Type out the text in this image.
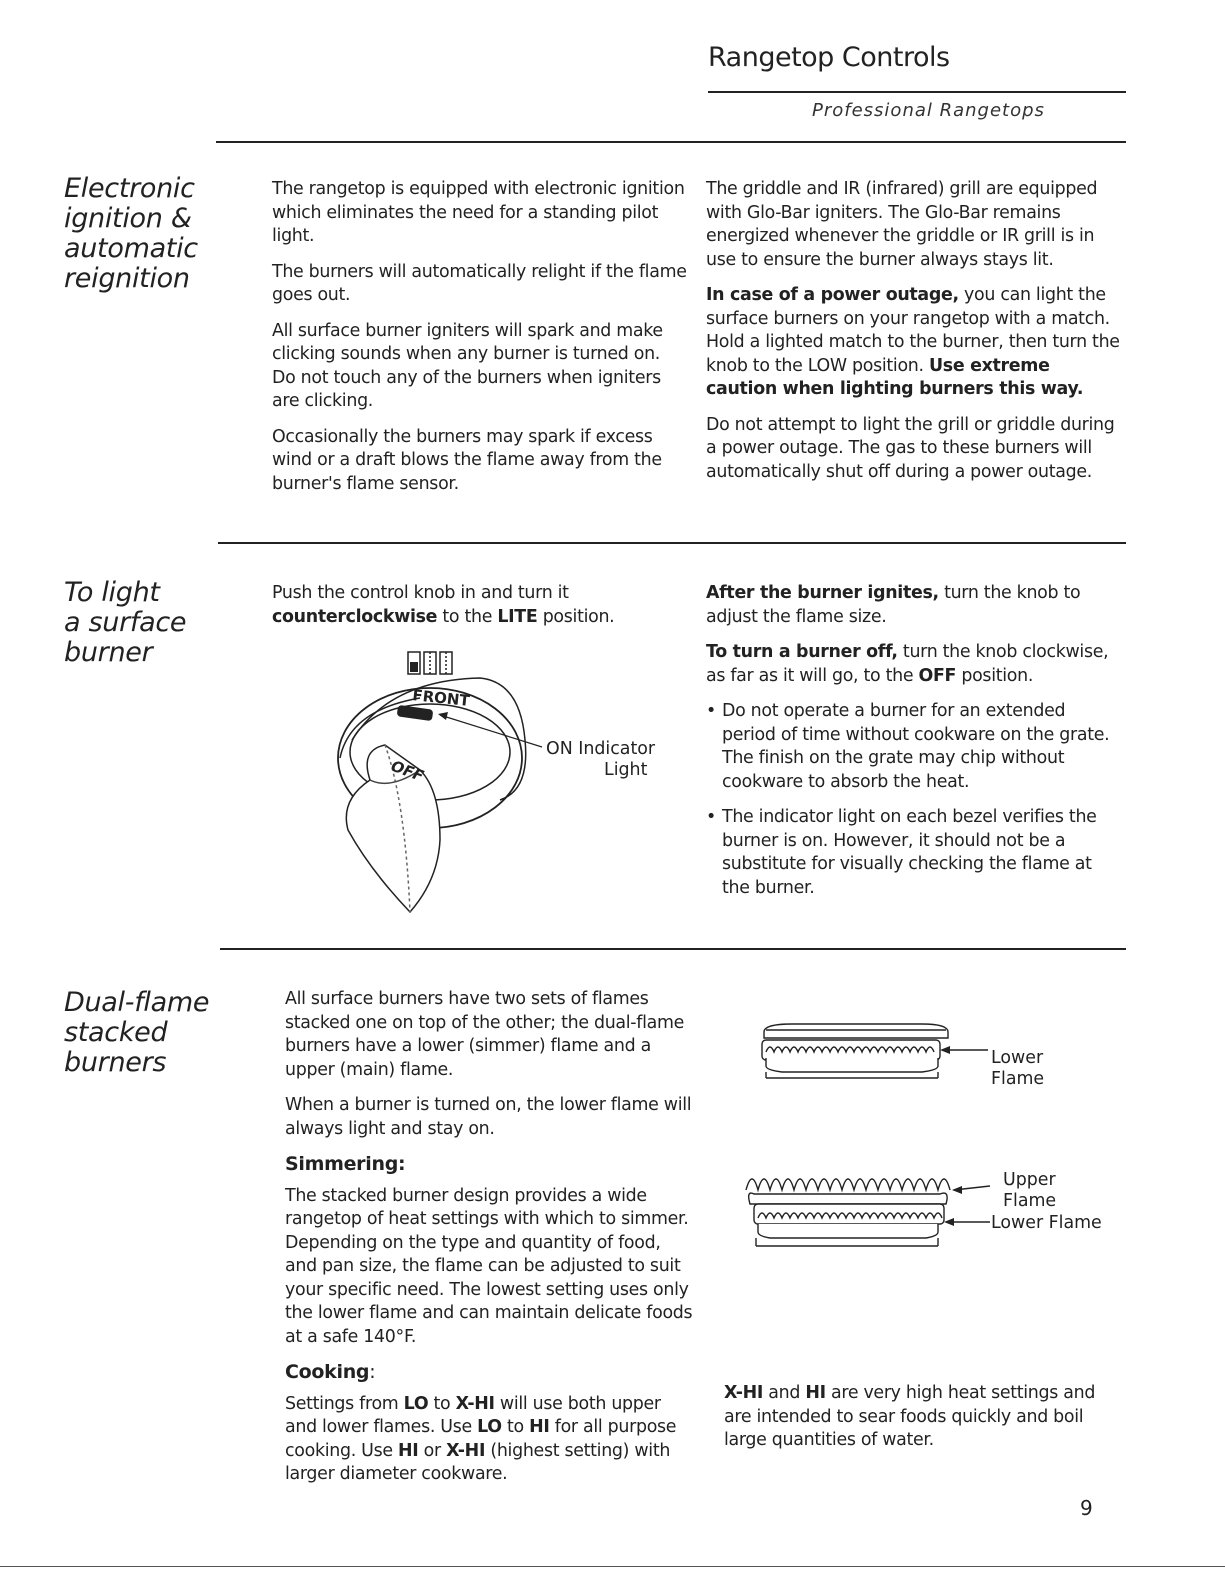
Rangetop Controls
Professional Rangetops
Electronic
ignition &
automatic
reignition

The rangetop is equipped with electronic ignition which eliminates the need for a standing pilot light.

The burners will automatically relight if the flame goes out.

All surface burner igniters will spark and make clicking sounds when any burner is turned on. Do not touch any of the burners when igniters are clicking.

Occasionally the burners may spark if excess wind or a draft blows the flame away from the burner's flame sensor.

The griddle and IR (infrared) grill are equipped with Glo-Bar igniters. The Glo-Bar remains energized whenever the griddle or IR grill is in use to ensure the burner always stays lit.

In case of a power outage, you can light the surface burners on your rangetop with a match. Hold a lighted match to the burner, then turn the knob to the LOW position. Use extreme caution when lighting burners this way.

Do not attempt to light the grill or griddle during a power outage. The gas to these burners will automatically shut off during a power outage.

To light
a surface
burner

Push the control knob in and turn it counterclockwise to the LITE position.

FRONT
OFF
ON Indicator
Light

After the burner ignites, turn the knob to adjust the flame size.

To turn a burner off, turn the knob clockwise, as far as it will go, to the OFF position.

• Do not operate a burner for an extended period of time without cookware on the grate. The finish on the grate may chip without cookware to absorb the heat.
• The indicator light on each bezel verifies the burner is on. However, it should not be a substitute for visually checking the flame at the burner.
Dual-flame
stacked
burners

All surface burners have two sets of flames stacked one on top of the other; the dual-flame burners have a lower (simmer) flame and a upper (main) flame.

When a burner is turned on, the lower flame will always light and stay on.

Simmering:

The stacked burner design provides a wide rangetop of heat settings with which to simmer. Depending on the type and quantity of food, and pan size, the flame can be adjusted to suit your specific need. The lowest setting uses only the lower flame and can maintain delicate foods at a safe 140°F.

Cooking:

Settings from LO to X-HI will use both upper and lower flames. Use LO to HI for all purpose cooking. Use HI or X-HI (highest setting) with larger diameter cookware.

Lower
Flame
Upper
Flame
Lower Flame

X-HI and HI are very high heat settings and are intended to sear foods quickly and boil large quantities of water.

9
